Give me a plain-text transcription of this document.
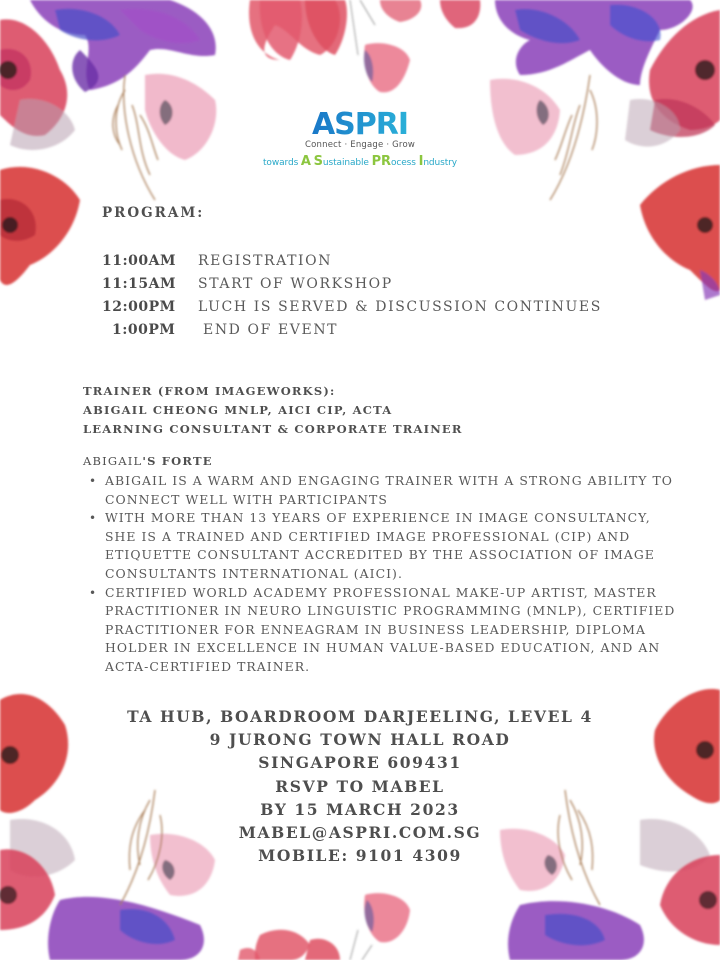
ASPRI
Connect · Engage · Grow
towards A Sustainable PRocess Industry
PROGRAM:
11:00AM	REGISTRATION
11:15AM	START OF WORKSHOP
12:00PM	LUCH IS SERVED & DISCUSSION CONTINUES
1:00PM	END OF EVENT
TRAINER (FROM IMAGEWORKS):
ABIGAIL CHEONG MNLP, AICI CIP, ACTA
LEARNING CONSULTANT & CORPORATE TRAINER
ABIGAIL'S FORTE
• ABIGAIL IS A WARM AND ENGAGING TRAINER WITH A STRONG ABILITY TO CONNECT WELL WITH PARTICIPANTS
• WITH MORE THAN 13 YEARS OF EXPERIENCE IN IMAGE CONSULTANCY, SHE IS A TRAINED AND CERTIFIED IMAGE PROFESSIONAL (CIP) AND ETIQUETTE CONSULTANT ACCREDITED BY THE ASSOCIATION OF IMAGE CONSULTANTS INTERNATIONAL (AICI).
• CERTIFIED WORLD ACADEMY PROFESSIONAL MAKE-UP ARTIST, MASTER PRACTITIONER IN NEURO LINGUISTIC PROGRAMMING (MNLP), CERTIFIED PRACTITIONER FOR ENNEAGRAM IN BUSINESS LEADERSHIP, DIPLOMA HOLDER IN EXCELLENCE IN HUMAN VALUE-BASED EDUCATION, AND AN ACTA-CERTIFIED TRAINER.
TA HUB, BOARDROOM DARJEELING, LEVEL 4
9 JURONG TOWN HALL ROAD
SINGAPORE 609431
RSVP TO MABEL
BY 15 MARCH 2023
MABEL@ASPRI.COM.SG
MOBILE: 9101 4309
